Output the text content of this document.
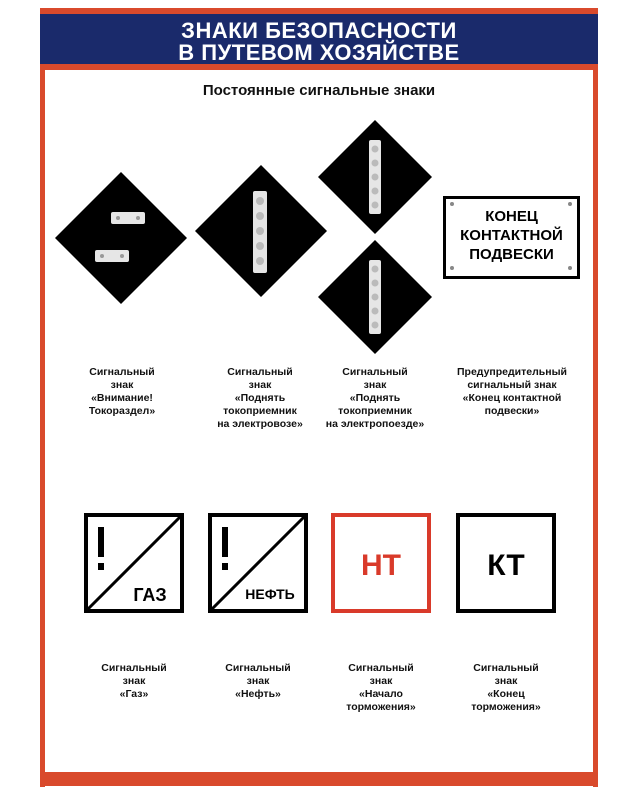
ЗНАКИ БЕЗОПАСНОСТИ
В ПУТЕВОМ ХОЗЯЙСТВЕ
Постоянные сигнальные знаки
КОНЕЦ
КОНТАКТНОЙ
ПОДВЕСКИ
Сигнальный
знак
«Внимание!
Токораздел»
Сигнальный
знак
«Поднять
токоприемник
на электровозе»
Сигнальный
знак
«Поднять
токоприемник
на электропоезде»
Предупредительный
сигнальный знак
«Конец контактной
подвески»
ГАЗ	НЕФТЬ
НТ	КТ
Сигнальный
знак
«Газ»
Сигнальный
знак
«Нефть»
Сигнальный
знак
«Начало
торможения»
Сигнальный
знак
«Конец
торможения»
